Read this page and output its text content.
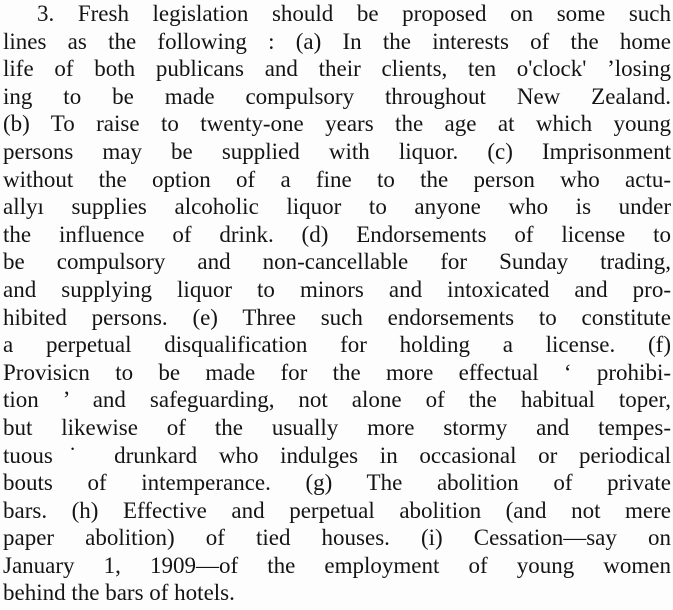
3. Fresh legislation should be proposed on some such
lines as the following : (a) In the interests of the home
life of both publicans and their clients, ten o'clock' ’losing
ing to be made compulsory throughout New Zealand.
(b) To raise to twenty-one years the age at which young
persons may be supplied with liquor. (c) Imprisonment
without the option of a fine to the person who actu-
allyı supplies alcoholic liquor to anyone who is under
the influence of drink. (d) Endorsements of license to
be compulsory and non-cancellable for Sunday trading,
and supplying liquor to minors and intoxicated and pro-
hibited persons. (e) Three such endorsements to constitute
a perpetual disqualification for holding a license. (f)
Provisiсn to be made for the more effectual ‘ prohibi-
tion ’ and safeguarding, not alone of the habitual toper,
but likewise of the usually more stormy and tempes-
tuous˙ drunkard who indulges in occasional or periodical
bouts of intemperance. (g) The abolition of private
bars. (h) Effective and perpetual abolition (and not mere
paper abolition) of tied houses. (i) Cessation—say on
January 1, 1909—of the employment of young women
behind the bars of hotels.
